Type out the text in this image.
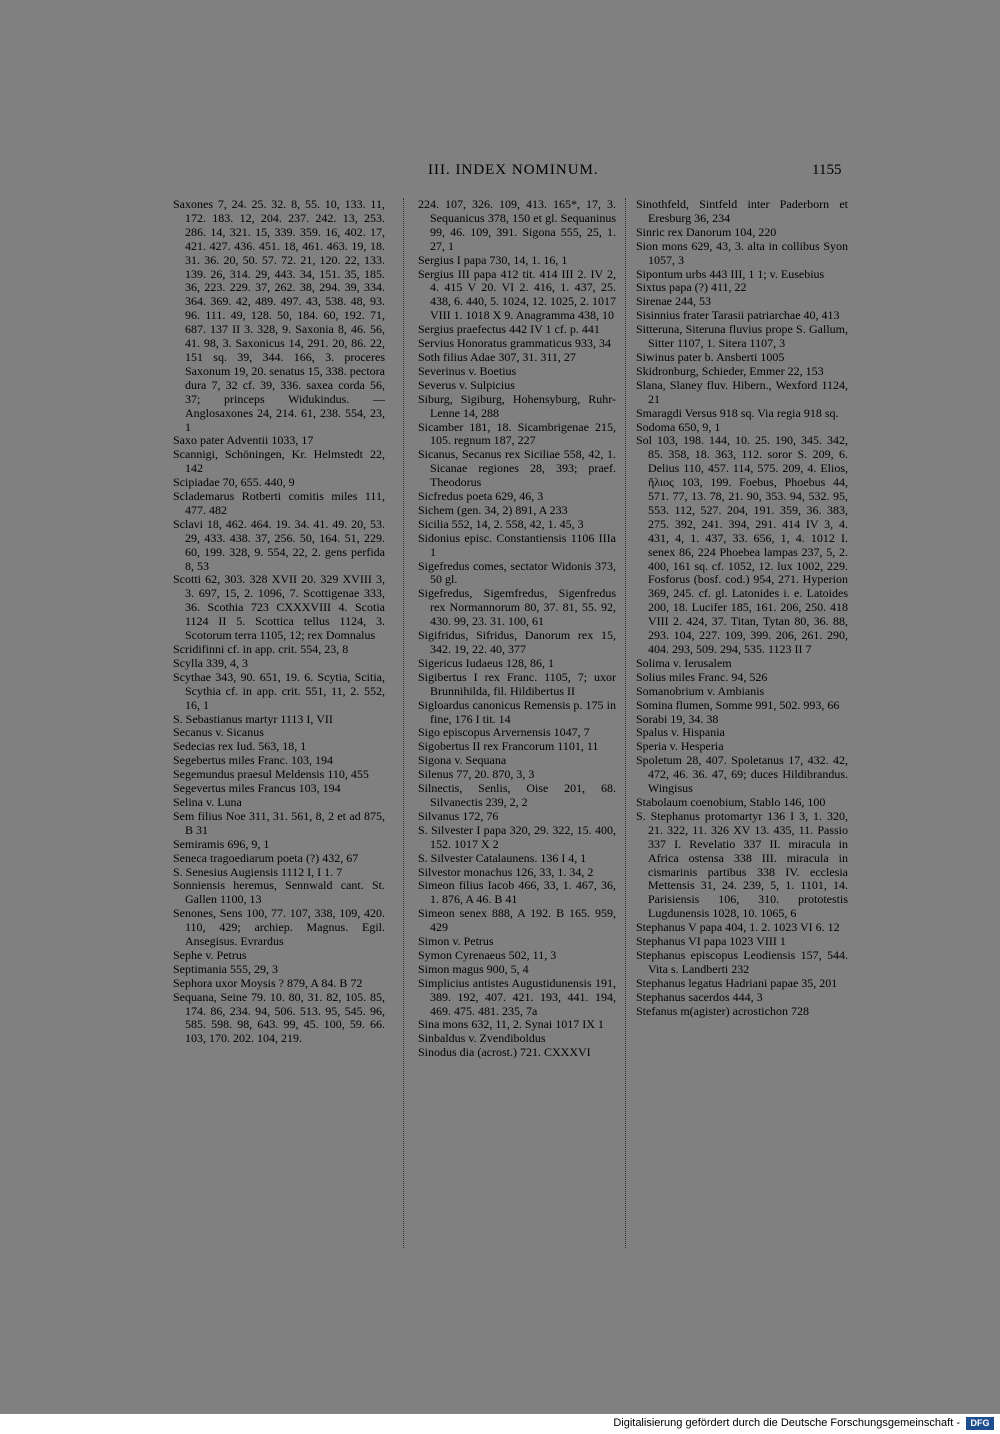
III. INDEX NOMINUM.	1155

Saxones 7, 24. 25. 32. 8, 55. 10, 133. 11, 172. 183. 12, 204. 237. 242. 13, 253. 286. 14, 321. 15, 339. 359. 16, 402. 17, 421. 427. 436. 451. 18, 461. 463. 19, 18. 31. 36. 20, 50. 57. 72. 21, 120. 22, 133. 139. 26, 314. 29, 443. 34, 151. 35, 185. 36, 223. 229. 37, 262. 38, 294. 39, 334. 364. 369. 42, 489. 497. 43, 538. 48, 93. 96. 111. 49, 128. 50, 184. 60, 192. 71, 687. 137 II 3. 328, 9. Saxonia 8, 46. 56, 41. 98, 3. Saxonicus 14, 291. 20, 86. 22, 151 sq. 39, 344. 166, 3. proceres Saxonum 19, 20. senatus 15, 338. pectora dura 7, 32 cf. 39, 336. saxea corda 56, 37; princeps Widukindus. — Anglosaxones 24, 214. 61, 238. 554, 23, 1

Saxo pater Adventii 1033, 17

Scannigi, Schöningen, Kr. Helmstedt 22, 142

Scipiadae 70, 655. 440, 9

Sclademarus Rotberti comitis miles 111, 477. 482

Sclavi 18, 462. 464. 19. 34. 41. 49. 20, 53. 29, 433. 438. 37, 256. 50, 164. 51, 229. 60, 199. 328, 9. 554, 22, 2. gens perfida 8, 53

Scotti 62, 303. 328 XVII 20. 329 XVIII 3, 3. 697, 15, 2. 1096, 7. Scottigenae 333, 36. Scothia 723 CXXXVIII 4. Scotia 1124 II 5. Scottica tellus 1124, 3. Scotorum terra 1105, 12; rex Domnalus

Scridifinni cf. in app. crit. 554, 23, 8

Scylla 339, 4, 3

Scythae 343, 90. 651, 19. 6. Scytia, Scitia, Scythia cf. in app. crit. 551, 11, 2. 552, 16, 1

S. Sebastianus martyr 1113 I, VII

Secanus v. Sicanus

Sedecias rex Iud. 563, 18, 1

Segebertus miles Franc. 103, 194

Segemundus praesul Meldensis 110, 455

Segevertus miles Francus 103, 194

Selina v. Luna

Sem filius Noe 311, 31. 561, 8, 2 et ad 875, B 31

Semiramis 696, 9, 1

Seneca tragoediarum poeta (?) 432, 67

S. Senesius Augiensis 1112 I, I 1. 7

Sonniensis heremus, Sennwald cant. St. Gallen 1100, 13

Senones, Sens 100, 77. 107, 338, 109, 420. 110, 429; archiep. Magnus. Egil. Ansegisus. Evrardus

Sephe v. Petrus

Septimania 555, 29, 3

Sephora uxor Moysis ? 879, A 84. B 72

Sequana, Seine 79. 10. 80, 31. 82, 105. 85, 174. 86, 234. 94, 506. 513. 95, 545. 96, 585. 598. 98, 643. 99, 45. 100, 59. 66. 103, 170. 202. 104, 219.

224. 107, 326. 109, 413. 165*, 17, 3. Sequanicus 378, 150 et gl. Sequaninus 99, 46. 109, 391. Sigona 555, 25, 1. 27, 1

Sergius I papa 730, 14, 1. 16, 1

Sergius III papa 412 tit. 414 III 2. IV 2, 4. 415 V 20. VI 2. 416, 1. 437, 25. 438, 6. 440, 5. 1024, 12. 1025, 2. 1017 VIII 1. 1018 X 9. Anagramma 438, 10

Sergius praefectus 442 IV 1 cf. p. 441

Servius Honoratus grammaticus 933, 34

Soth filius Adae 307, 31. 311, 27

Severinus v. Boetius

Severus v. Sulpicius

Siburg, Sigiburg, Hohensyburg, Ruhr-Lenne 14, 288

Sicamber 181, 18. Sicambrigenae 215, 105. regnum 187, 227

Sicanus, Secanus rex Siciliae 558, 42, 1. Sicanae regiones 28, 393; praef. Theodorus

Sicfredus poeta 629, 46, 3

Sichem (gen. 34, 2) 891, A 233

Sicilia 552, 14, 2. 558, 42, 1. 45, 3

Sidonius episc. Constantiensis 1106 IIIa 1

Sigefredus comes, sectator Widonis 373, 50 gl.

Sigefredus, Sigemfredus, Sigenfredus rex Normannorum 80, 37. 81, 55. 92, 430. 99, 23. 31. 100, 61

Sigifridus, Sifridus, Danorum rex 15, 342. 19, 22. 40, 377

Sigericus Iudaeus 128, 86, 1

Sigibertus I rex Franc. 1105, 7; uxor Brunnihilda, fil. Hildibertus II

Sigloardus canonicus Remensis p. 175 in fine, 176 I tit. 14

Sigo episcopus Arvernensis 1047, 7

Sigobertus II rex Francorum 1101, 11

Sigona v. Sequana

Silenus 77, 20. 870, 3, 3

Silnectis, Senlis, Oise 201, 68. Silvanectis 239, 2, 2

Silvanus 172, 76

S. Silvester I papa 320, 29. 322, 15. 400, 152. 1017 X 2

S. Silvester Catalaunens. 136 I 4, 1

Silvestor monachus 126, 33, 1. 34, 2

Simeon filius Iacob 466, 33, 1. 467, 36, 1. 876, A 46. B 41

Simeon senex 888, A 192. B 165. 959, 429

Simon v. Petrus

Symon Cyrenaeus 502, 11, 3

Simon magus 900, 5, 4

Simplicius antistes Augustidunensis 191, 389. 192, 407. 421. 193, 441. 194, 469. 475. 481. 235, 7a

Sina mons 632, 11, 2. Synai 1017 IX 1

Sinbaldus v. Zvendiboldus

Sinodus dia (acrost.) 721. CXXXVI

Sinothfeld, Sintfeld inter Paderborn et Eresburg 36, 234

Sinric rex Danorum 104, 220

Sion mons 629, 43, 3. alta in collibus Syon 1057, 3

Sipontum urbs 443 III, 1 1; v. Eusebius

Sixtus papa (?) 411, 22

Sirenae 244, 53

Sisinnius frater Tarasii patriarchae 40, 413

Sitteruna, Siteruna fluvius prope S. Gallum, Sitter 1107, 1. Sitera 1107, 3

Siwinus pater b. Ansberti 1005

Skidronburg, Schieder, Emmer 22, 153

Slana, Slaney fluv. Hibern., Wexford 1124, 21

Smaragdi Versus 918 sq. Via regia 918 sq.

Sodoma 650, 9, 1

Sol 103, 198. 144, 10. 25. 190, 345. 342, 85. 358, 18. 363, 112. soror S. 209, 6. Delius 110, 457. 114, 575. 209, 4. Elios, ἥλιος 103, 199. Foebus, Phoebus 44, 571. 77, 13. 78, 21. 90, 353. 94, 532. 95, 553. 112, 527. 204, 191. 359, 36. 383, 275. 392, 241. 394, 291. 414 IV 3, 4. 431, 4, 1. 437, 33. 656, 1, 4. 1012 I. senex 86, 224 Phoebea lampas 237, 5, 2. 400, 161 sq. cf. 1052, 12. lux 1002, 229. Fosforus (bosf. cod.) 954, 271. Hyperion 369, 245. cf. gl. Latonides i. e. Latoides 200, 18. Lucifer 185, 161. 206, 250. 418 VIII 2. 424, 37. Titan, Tytan 80, 36. 88, 293. 104, 227. 109, 399. 206, 261. 290, 404. 293, 509. 294, 535. 1123 II 7

Solima v. Ierusalem

Solius miles Franc. 94, 526

Somanobrium v. Ambianis

Somina flumen, Somme 991, 502. 993, 66

Sorabi 19, 34. 38

Spalus v. Hispania

Speria v. Hesperia

Spoletum 28, 407. Spoletanus 17, 432. 42, 472, 46. 36. 47, 69; duces Hildibrandus. Wingisus

Stabolaum coenobium, Stablo 146, 100

S. Stephanus protomartyr 136 I 3, 1. 320, 21. 322, 11. 326 XV 13. 435, 11. Passio 337 I. Revelatio 337 II. miracula in Africa ostensa 338 III. miracula in cismarinis partibus 338 IV. ecclesia Mettensis 31, 24. 239, 5, 1. 1101, 14. Parisiensis 106, 310. prototestis Lugdunensis 1028, 10. 1065, 6

Stephanus V papa 404, 1. 2. 1023 VI 6. 12

Stephanus VI papa 1023 VIII 1

Stephanus episcopus Leodiensis 157, 544. Vita s. Landberti 232

Stephanus legatus Hadriani papae 35, 201

Stephanus sacerdos 444, 3

Stefanus m(agister) acrostichon 728

Digitalisierung gefördert durch die Deutsche Forschungsgemeinschaft -	DFG
